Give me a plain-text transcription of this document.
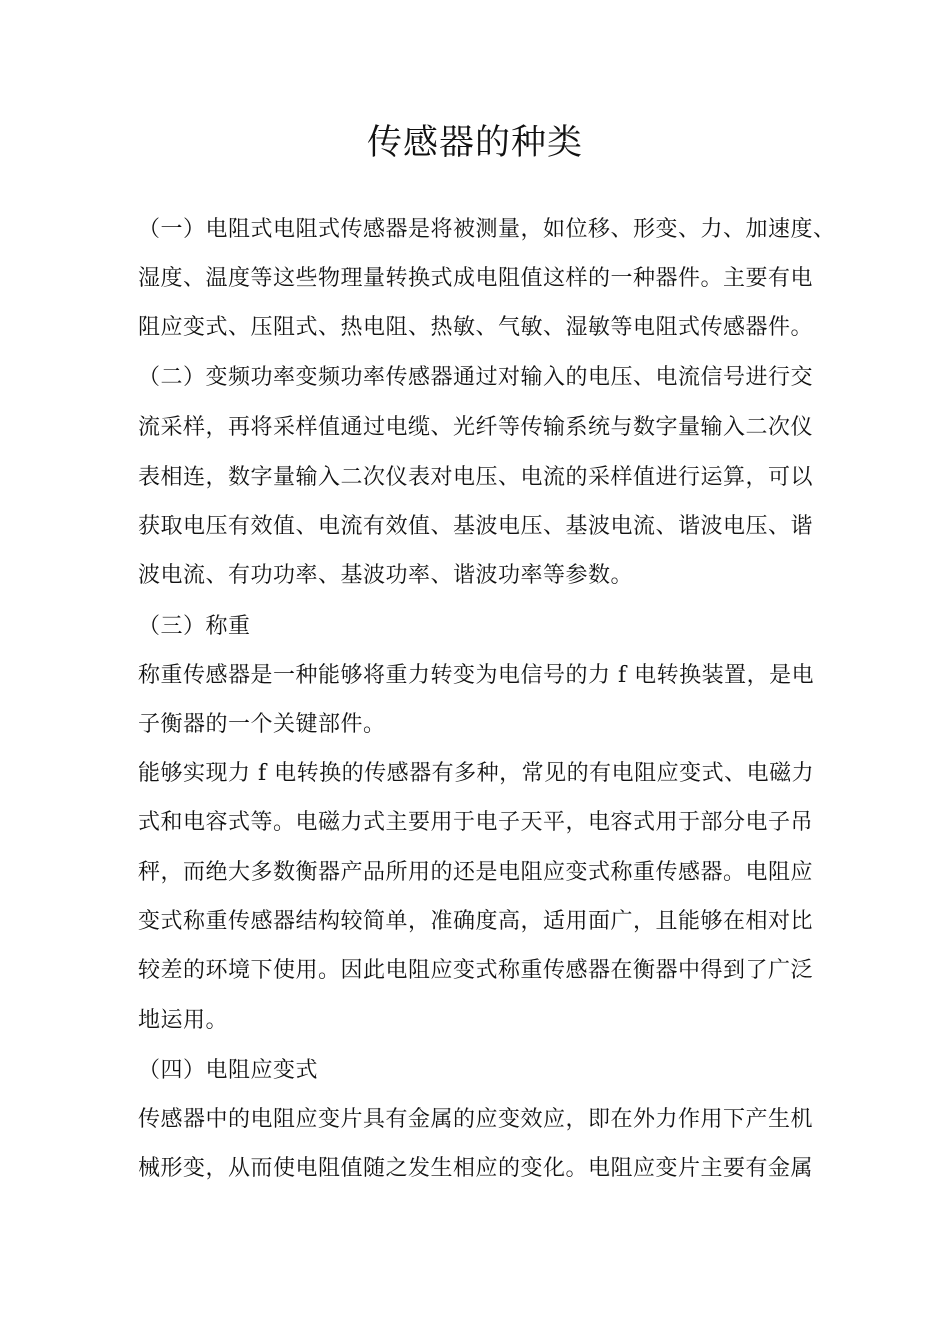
传感器的种类

（一）电阻式电阻式传感器是将被测量，如位移、形变、力、加速度、

湿度、温度等这些物理量转换式成电阻值这样的一种器件。主要有电

阻应变式、压阻式、热电阻、热敏、气敏、湿敏等电阻式传感器件。

（二）变频功率变频功率传感器通过对输入的电压、电流信号进行交

流采样，再将采样值通过电缆、光纤等传输系统与数字量输入二次仪

表相连，数字量输入二次仪表对电压、电流的采样值进行运算，可以

获取电压有效值、电流有效值、基波电压、基波电流、谐波电压、谐

波电流、有功功率、基波功率、谐波功率等参数。

（三）称重

称重传感器是一种能够将重力转变为电信号的力 f 电转换装置，是电

子衡器的一个关键部件。

能够实现力 f 电转换的传感器有多种，常见的有电阻应变式、电磁力

式和电容式等。电磁力式主要用于电子天平，电容式用于部分电子吊

秤，而绝大多数衡器产品所用的还是电阻应变式称重传感器。电阻应

变式称重传感器结构较简单，准确度高，适用面广，且能够在相对比

较差的环境下使用。因此电阻应变式称重传感器在衡器中得到了广泛

地运用。

（四）电阻应变式

传感器中的电阻应变片具有金属的应变效应，即在外力作用下产生机

械形变，从而使电阻值随之发生相应的变化。电阻应变片主要有金属
